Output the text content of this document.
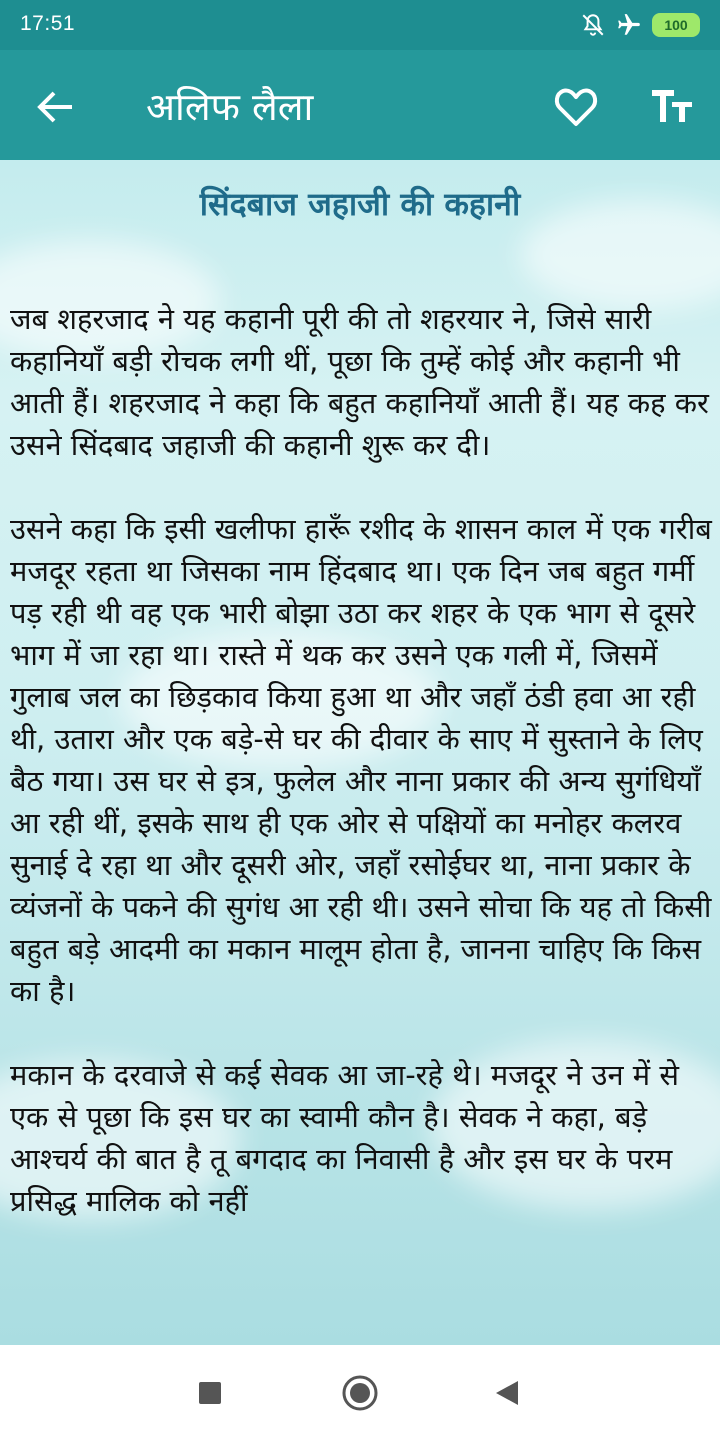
17:51	100
अलिफ लैला
सिंदबाज जहाजी की कहानी

जब शहरजाद ने यह कहानी पूरी की तो शहरयार ने, जिसे सारी कहानियाँ बड़ी रोचक लगी थीं, पूछा कि तुम्हें कोई और कहानी भी आती हैं। शहरजाद ने कहा कि बहुत कहानियाँ आती हैं। यह कह कर उसने सिंदबाद जहाजी की कहानी शुरू कर दी।

उसने कहा कि इसी खलीफा हारूँ रशीद के शासन काल में एक गरीब मजदूर रहता था जिसका नाम हिंदबाद था। एक दिन जब बहुत गर्मी पड़ रही थी वह एक भारी बोझा उठा कर शहर के एक भाग से दूसरे भाग में जा रहा था। रास्ते में थक कर उसने एक गली में, जिसमें गुलाब जल का छिड़काव किया हुआ था और जहाँ ठंडी हवा आ रही थी, उतारा और एक बड़े-से घर की दीवार के साए में सुस्ताने के लिए बैठ गया। उस घर से इत्र, फुलेल और नाना प्रकार की अन्य सुगंधियाँ आ रही थीं, इसके साथ ही एक ओर से पक्षियों का मनोहर कलरव सुनाई दे रहा था और दूसरी ओर, जहाँ रसोईघर था, नाना प्रकार के व्यंजनों के पकने की सुगंध आ रही थी। उसने सोचा कि यह तो किसी बहुत बड़े आदमी का मकान मालूम होता है, जानना चाहिए कि किस का है।

मकान के दरवाजे से कई सेवक आ जा-रहे थे। मजदूर ने उन में से एक से पूछा कि इस घर का स्वामी कौन है। सेवक ने कहा, बड़े आश्चर्य की बात है तू बगदाद का निवासी है और इस घर के परम प्रसिद्ध मालिक को नहीं
